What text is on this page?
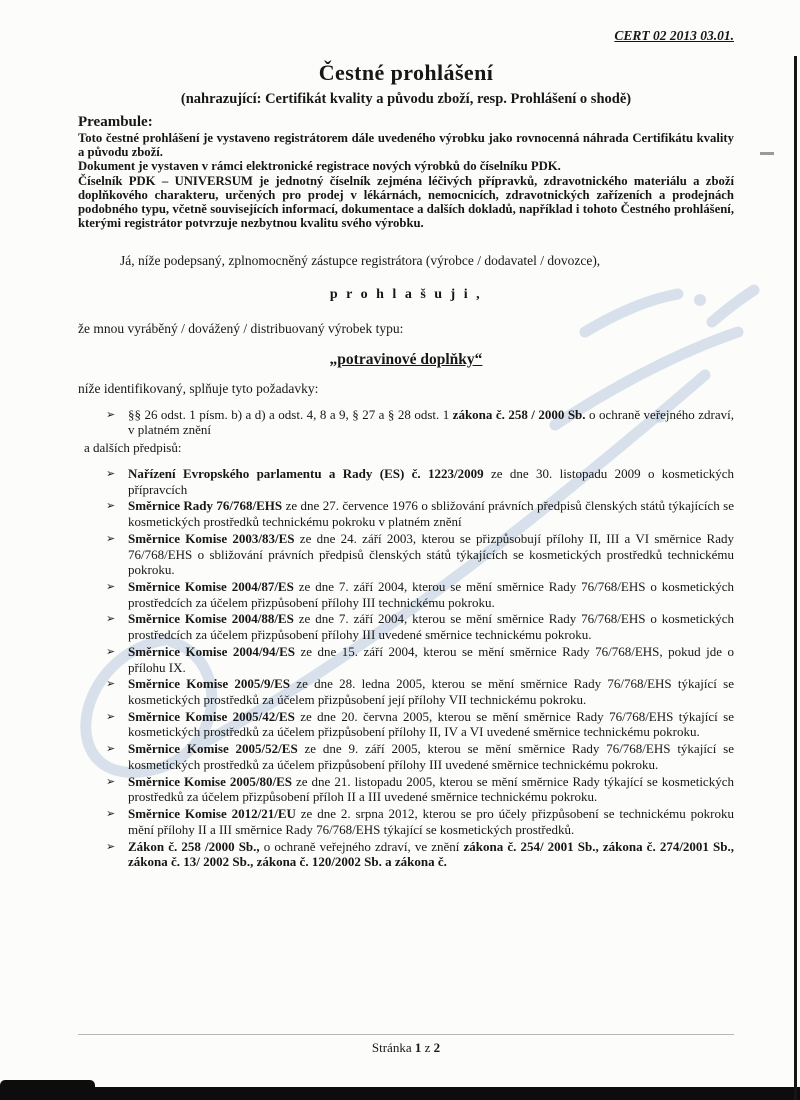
CERT 02 2013 03.01.
Čestné prohlášení
(nahrazující: Certifikát kvality a původu zboží, resp. Prohlášení o shodě)
Preambule:

Toto čestné prohlášení je vystaveno registrátorem dále uvedeného výrobku jako rovnocenná náhrada Certifikátu kvality a původu zboží.

Dokument je vystaven v rámci elektronické registrace nových výrobků do číselníku PDK.

Číselník PDK – UNIVERSUM je jednotný číselník zejména léčivých přípravků, zdravotnického materiálu a zboží doplňkového charakteru, určených pro prodej v lékárnách, nemocnicích, zdravotnických zařízeních a prodejnách podobného typu, včetně souvisejících informací, dokumentace a dalších dokladů, například i tohoto Čestného prohlášení, kterými registrátor potvrzuje nezbytnou kvalitu svého výrobku.

Já, níže podepsaný, zplnomocněný zástupce registrátora (výrobce / dodavatel / dovozce),
p r o h l a š u j i ,
že mnou vyráběný / dovážený / distribuovaný výrobek typu:
„potravinové doplňky“
níže identifikovaný, splňuje tyto požadavky:
➢ §§ 26 odst. 1 písm. b) a d) a odst. 4, 8 a 9, § 27 a § 28 odst. 1 zákona č. 258 / 2000 Sb. o ochraně veřejného zdraví, v platném znění
a dalších předpisů:
➢ Nařízení Evropského parlamentu a Rady (ES) č. 1223/2009 ze dne 30. listopadu 2009 o kosmetických přípravcích
➢ Směrnice Rady 76/768/EHS ze dne 27. července 1976 o sbližování právních předpisů členských států týkajících se kosmetických prostředků technickému pokroku v platném znění
➢ Směrnice Komise 2003/83/ES ze dne 24. září 2003, kterou se přizpůsobují přílohy II, III a VI směrnice Rady 76/768/EHS o sbližování právních předpisů členských států týkajících se kosmetických prostředků technickému pokroku.
➢ Směrnice Komise 2004/87/ES ze dne 7. září 2004, kterou se mění směrnice Rady 76/768/EHS o kosmetických prostředcích za účelem přizpůsobení přílohy III technickému pokroku.
➢ Směrnice Komise 2004/88/ES ze dne 7. září 2004, kterou se mění směrnice Rady 76/768/EHS o kosmetických prostředcích za účelem přizpůsobení přílohy III uvedené směrnice technickému pokroku.
➢ Směrnice Komise 2004/94/ES ze dne 15. září 2004, kterou se mění směrnice Rady 76/768/EHS, pokud jde o přílohu IX.
➢ Směrnice Komise 2005/9/ES ze dne 28. ledna 2005, kterou se mění směrnice Rady 76/768/EHS týkající se kosmetických prostředků za účelem přizpůsobení její přílohy VII technickému pokroku.
➢ Směrnice Komise 2005/42/ES ze dne 20. června 2005, kterou se mění směrnice Rady 76/768/EHS týkající se kosmetických prostředků za účelem přizpůsobení přílohy II, IV a VI uvedené směrnice technickému pokroku.
➢ Směrnice Komise 2005/52/ES ze dne 9. září 2005, kterou se mění směrnice Rady 76/768/EHS týkající se kosmetických prostředků za účelem přizpůsobení přílohy III uvedené směrnice technickému pokroku.
➢ Směrnice Komise 2005/80/ES ze dne 21. listopadu 2005, kterou se mění směrnice Rady týkající se kosmetických prostředků za účelem přizpůsobení příloh II a III uvedené směrnice technickému pokroku.
➢ Směrnice Komise 2012/21/EU ze dne 2. srpna 2012, kterou se pro účely přizpůsobení se technickému pokroku mění přílohy II a III směrnice Rady 76/768/EHS týkající se kosmetických prostředků.
➢ Zákon č. 258 /2000 Sb., o ochraně veřejného zdraví, ve znění zákona č. 254/ 2001 Sb., zákona č. 274/2001 Sb., zákona č. 13/ 2002 Sb., zákona č. 120/2002 Sb. a zákona č.
Stránka 1 z 2
